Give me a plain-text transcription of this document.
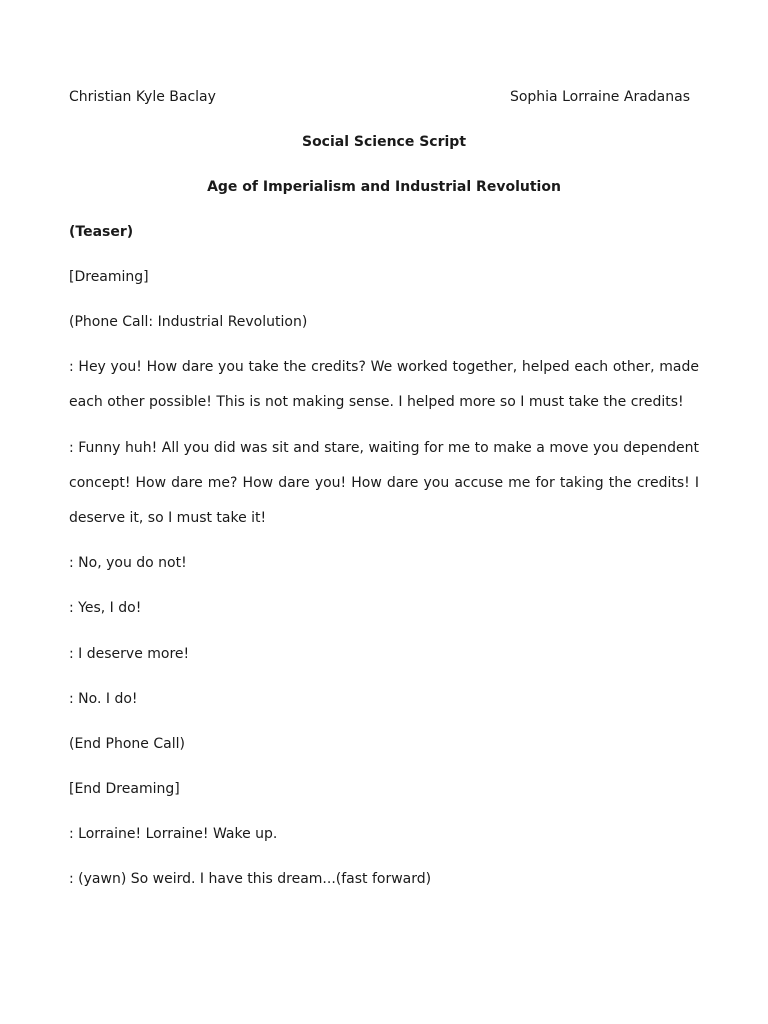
Christian Kyle Baclay	Sophia Lorraine Aradanas
Social Science Script
Age of Imperialism and Industrial Revolution
(Teaser)
[Dreaming]
(Phone Call: Industrial Revolution)
: Hey you! How dare you take the credits? We worked together, helped each other, made
each other possible! This is not making sense. I helped more so I must take the credits!
: Funny huh! All you did was sit and stare, waiting for me to make a move you dependent
concept! How dare me? How dare you! How dare you accuse me for taking the credits! I
deserve it, so I must take it!
: No, you do not!
: Yes, I do!
: I deserve more!
: No. I do!
(End Phone Call)
[End Dreaming]
: Lorraine! Lorraine! Wake up.
: (yawn) So weird. I have this dream...(fast forward)
